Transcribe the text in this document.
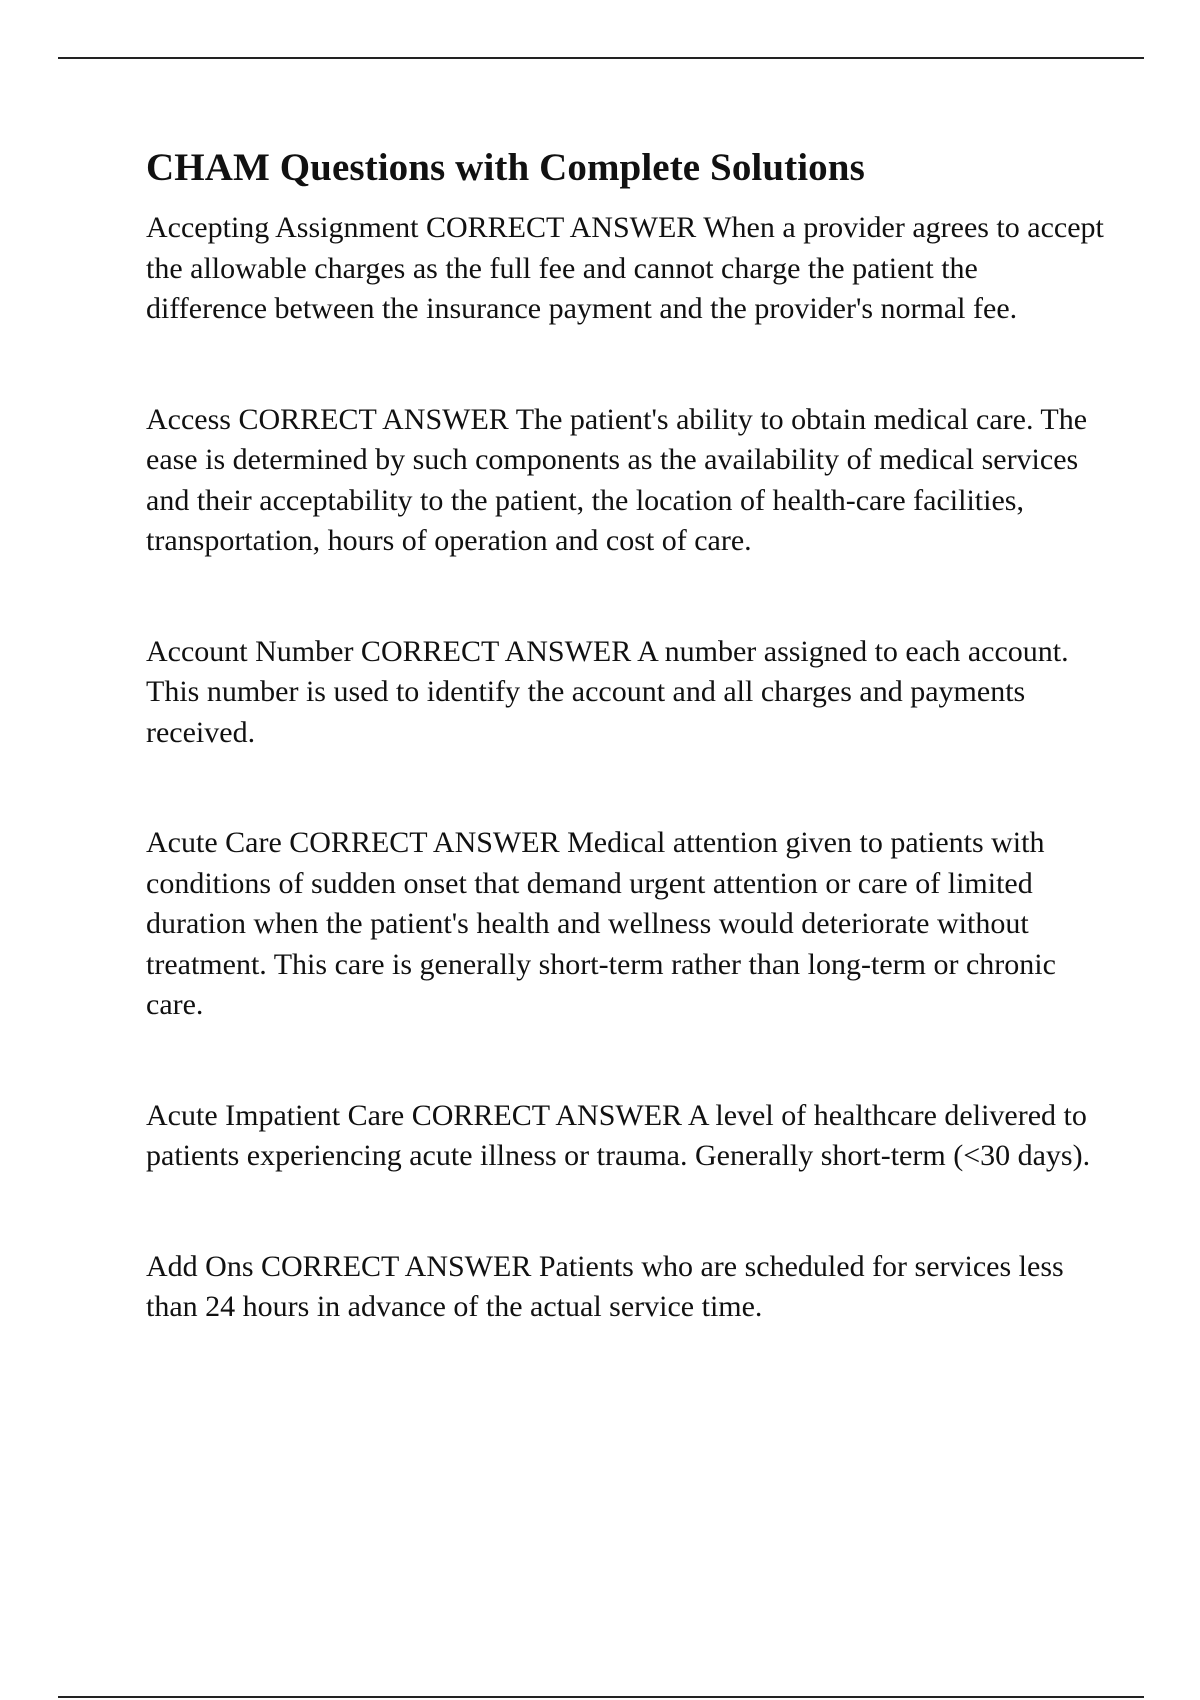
CHAM Questions with Complete Solutions

Accepting Assignment CORRECT ANSWER When a provider agrees to accept the allowable charges as the full fee and cannot charge the patient the difference between the insurance payment and the provider's normal fee.

Access CORRECT ANSWER The patient's ability to obtain medical care. The ease is determined by such components as the availability of medical services and their acceptability to the patient, the location of health-care facilities, transportation, hours of operation and cost of care.

Account Number CORRECT ANSWER A number assigned to each account. This number is used to identify the account and all charges and payments received.

Acute Care CORRECT ANSWER Medical attention given to patients with conditions of sudden onset that demand urgent attention or care of limited duration when the patient's health and wellness would deteriorate without treatment. This care is generally short-term rather than long-term or chronic care.

Acute Impatient Care CORRECT ANSWER A level of healthcare delivered to patients experiencing acute illness or trauma. Generally short-term (<30 days).

Add Ons CORRECT ANSWER Patients who are scheduled for services less than 24 hours in advance of the actual service time.
